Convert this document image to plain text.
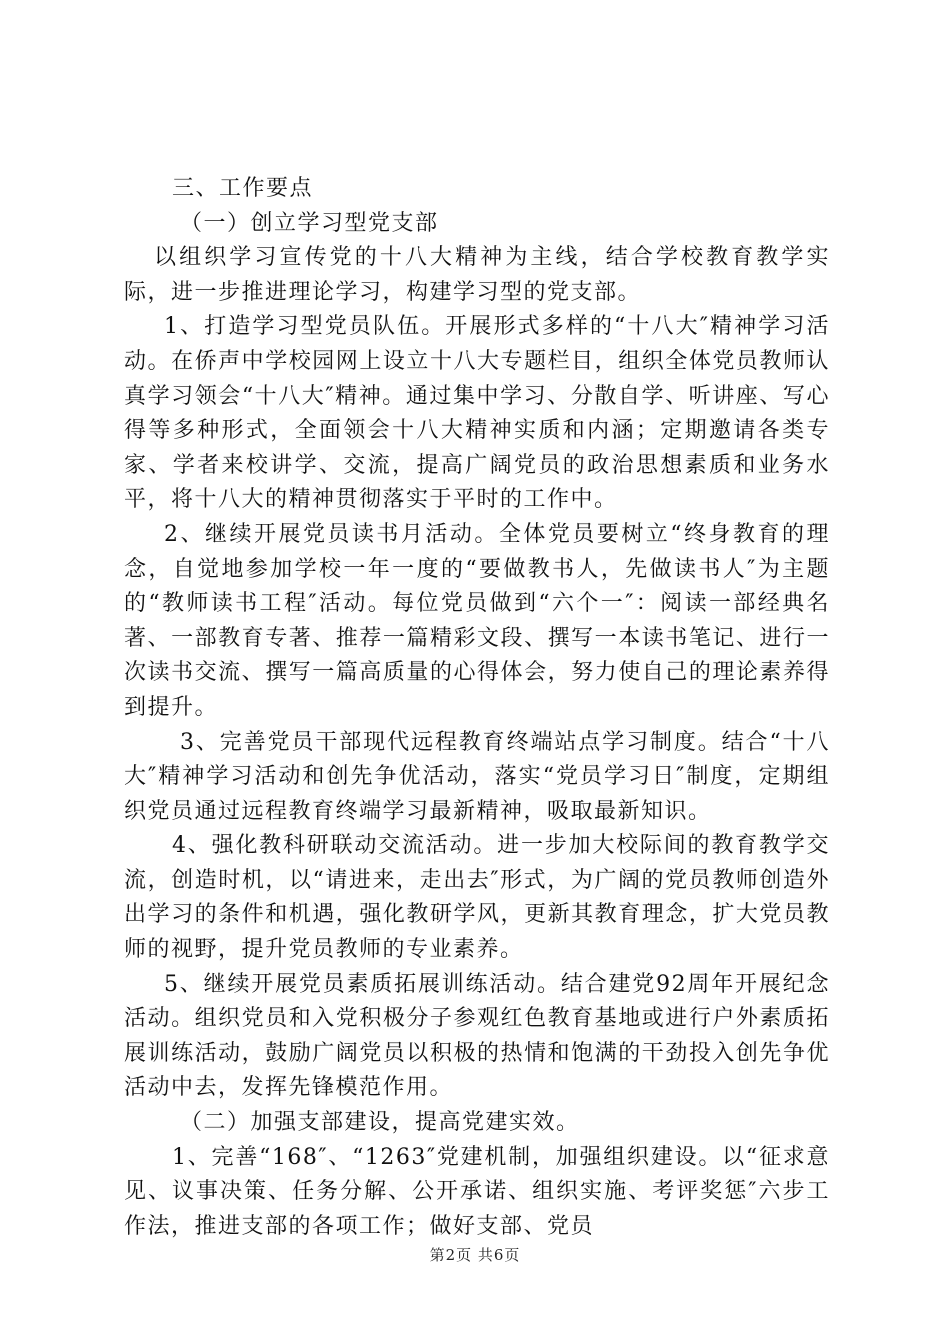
三、工作要点

（一）创立学习型党支部

以组织学习宣传党的十八大精神为主线，结合学校教育教学实际，进一步推进理论学习，构建学习型的党支部。

1、打造学习型党员队伍。开展形式多样的“十八大″精神学习活动。在侨声中学校园网上设立十八大专题栏目，组织全体党员教师认真学习领会“十八大″精神。通过集中学习、分散自学、听讲座、写心得等多种形式，全面领会十八大精神实质和内涵；定期邀请各类专家、学者来校讲学、交流，提高广阔党员的政治思想素质和业务水平，将十八大的精神贯彻落实于平时的工作中。

2、继续开展党员读书月活动。全体党员要树立“终身教育的理念，自觉地参加学校一年一度的“要做教书人，先做读书人″为主题的“教师读书工程″活动。每位党员做到“六个一″：阅读一部经典名著、一部教育专著、推荐一篇精彩文段、撰写一本读书笔记、进行一次读书交流、撰写一篇高质量的心得体会，努力使自己的理论素养得到提升。

3、完善党员干部现代远程教育终端站点学习制度。结合“十八大″精神学习活动和创先争优活动，落实“党员学习日″制度，定期组织党员通过远程教育终端学习最新精神，吸取最新知识。

4、强化教科研联动交流活动。进一步加大校际间的教育教学交流，创造时机，以“请进来，走出去″形式，为广阔的党员教师创造外出学习的条件和机遇，强化教研学风，更新其教育理念，扩大党员教师的视野，提升党员教师的专业素养。

5、继续开展党员素质拓展训练活动。结合建党92周年开展纪念活动。组织党员和入党积极分子参观红色教育基地或进行户外素质拓展训练活动，鼓励广阔党员以积极的热情和饱满的干劲投入创先争优活动中去，发挥先锋模范作用。

（二）加强支部建设，提高党建实效。

1、完善“168″、“1263″党建机制，加强组织建设。以“征求意见、议事决策、任务分解、公开承诺、组织实施、考评奖惩″六步工作法，推进支部的各项工作；做好支部、党员

第2页 共6页
